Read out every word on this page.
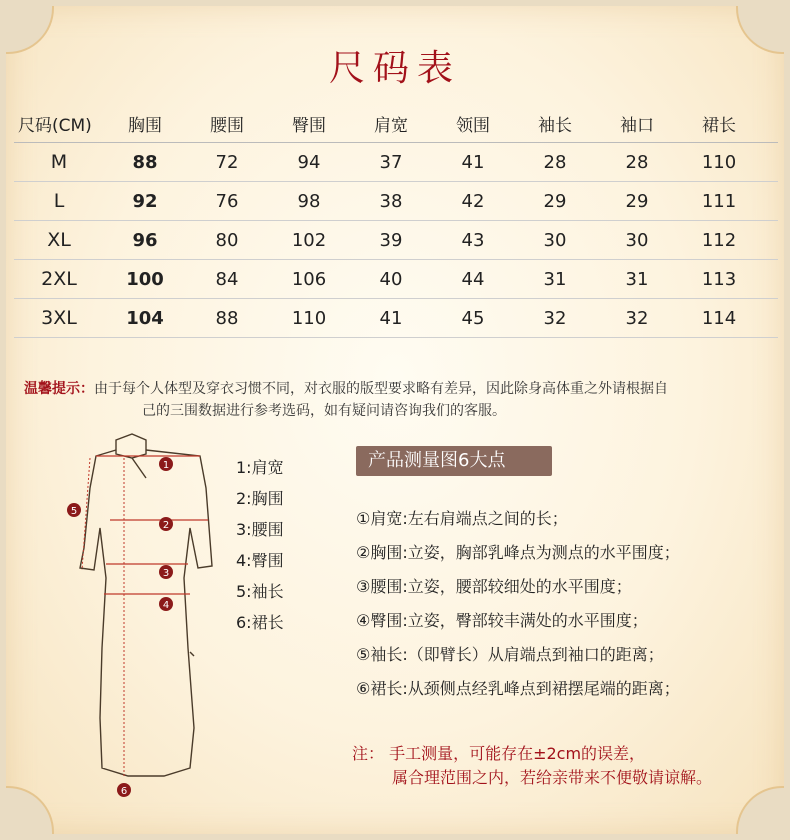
尺码表
尺码(CM)	胸围	腰围	臀围	肩宽	领围	袖长	袖口	裙长
M	88	72	94	37	41	28	28	110
L	92	76	98	38	42	29	29	111
XL	96	80	102	39	43	30	30	112
2XL	100	84	106	40	44	31	31	113
3XL	104	88	110	41	45	32	32	114
温馨提示：由于每个人体型及穿衣习惯不同，对衣服的版型要求略有差异，因此除身高体重之外请根据自
己的三围数据进行参考选码，如有疑问请咨询我们的客服。
1
2
3
4
5
6
1:肩宽
2:胸围
3:腰围
4:臀围
5:袖长
6:裙长
产品测量图6大点
①肩宽:左右肩端点之间的长；
②胸围:立姿，胸部乳峰点为测点的水平围度；
③腰围:立姿，腰部较细处的水平围度；
④臀围:立姿，臀部较丰满处的水平围度；
⑤袖长:（即臂长）从肩端点到袖口的距离；
⑥裙长:从颈侧点经乳峰点到裙摆尾端的距离；
注： 手工测量，可能存在±2cm的误差，
属合理范围之内，若给亲带来不便敬请谅解。
